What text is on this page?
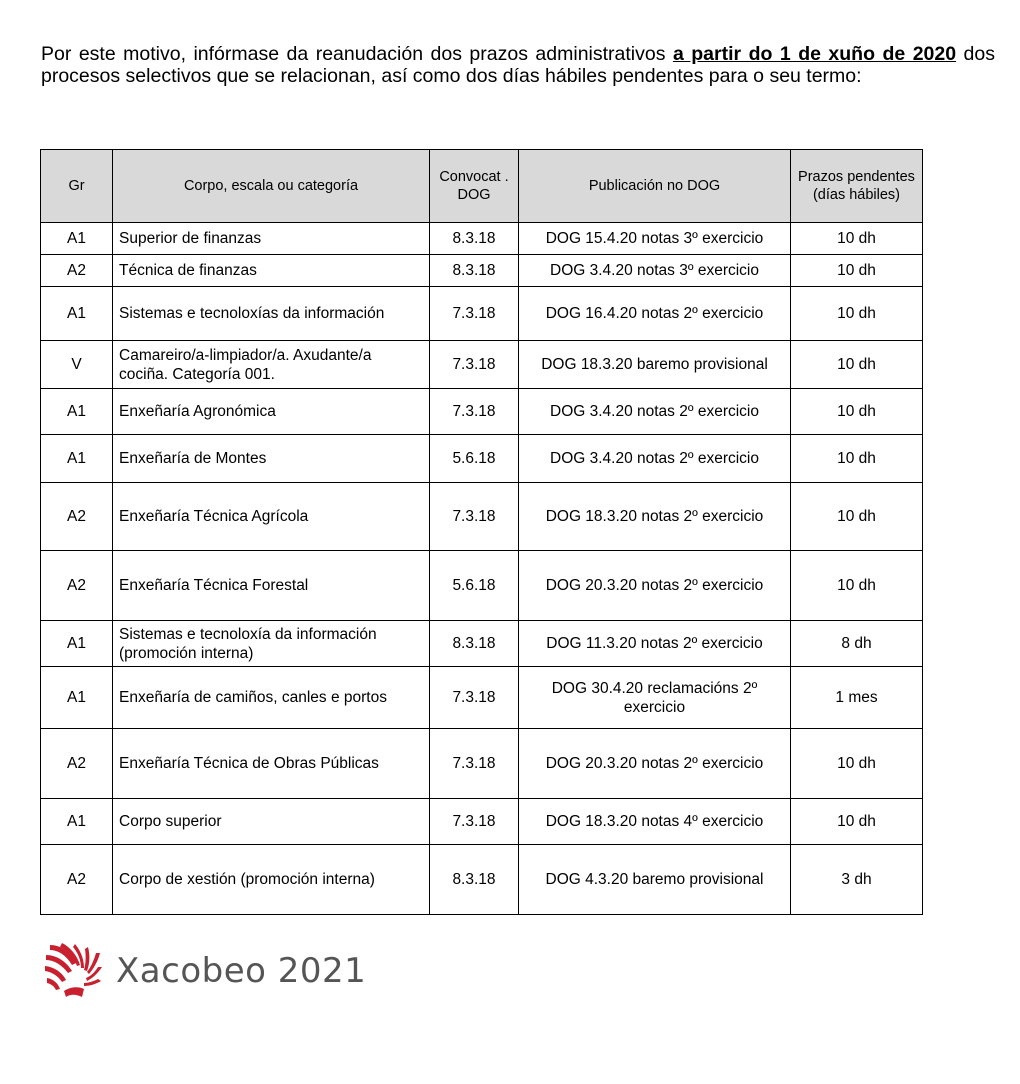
Por este motivo, infórmase da reanudación dos prazos administrativos a partir do 1 de xuño de 2020 dos procesos selectivos que se relacionan, así como dos días hábiles pendentes para o seu termo:

Gr	Corpo, escala ou categoría	Convocat . DOG	Publicación no DOG	Prazos pendentes (días hábiles)
A1	Superior de finanzas	8.3.18	DOG 15.4.20 notas 3º exercicio	10 dh
A2	Técnica de finanzas	8.3.18	DOG 3.4.20 notas 3º exercicio	10 dh
A1	Sistemas e tecnoloxías da información	7.3.18	DOG 16.4.20 notas 2º exercicio	10 dh
V	Camareiro/a-limpiador/a. Axudante/a cociña. Categoría 001.	7.3.18	DOG 18.3.20 baremo provisional	10 dh
A1	Enxeñaría Agronómica	7.3.18	DOG 3.4.20 notas 2º exercicio	10 dh
A1	Enxeñaría de Montes	5.6.18	DOG 3.4.20 notas 2º exercicio	10 dh
A2	Enxeñaría Técnica Agrícola	7.3.18	DOG 18.3.20 notas 2º exercicio	10 dh
A2	Enxeñaría Técnica Forestal	5.6.18	DOG 20.3.20 notas 2º exercicio	10 dh
A1	Sistemas e tecnoloxía da información (promoción interna)	8.3.18	DOG 11.3.20 notas 2º exercicio	8 dh
A1	Enxeñaría de camiños, canles e portos	7.3.18	DOG 30.4.20 reclamacións 2º exercicio	1 mes
A2	Enxeñaría Técnica de Obras Públicas	7.3.18	DOG 20.3.20 notas 2º exercicio	10 dh
A1	Corpo superior	7.3.18	DOG 18.3.20 notas 4º exercicio	10 dh
A2	Corpo de xestión (promoción interna)	8.3.18	DOG 4.3.20 baremo provisional	3 dh
Xacobeo 2021
